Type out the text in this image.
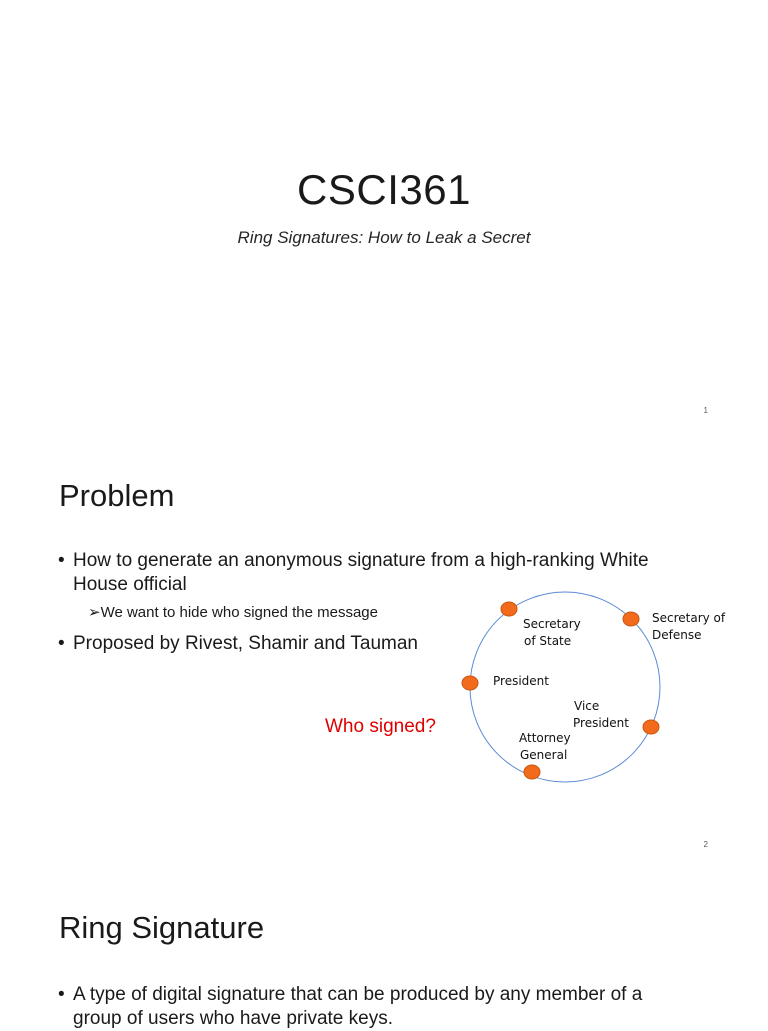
CSCI361
Ring Signatures: How to Leak a Secret
1
Problem
• How to generate an anonymous signature from a high-ranking White
House official
➢We want to hide who signed the message
• Proposed by Rivest, Shamir and Tauman
Who signed?
Secretary
of State
Secretary of
Defense
President
Vice
President
Attorney
General
2
Ring Signature
• A type of digital signature that can be produced by any member of a
group of users who have private keys.
